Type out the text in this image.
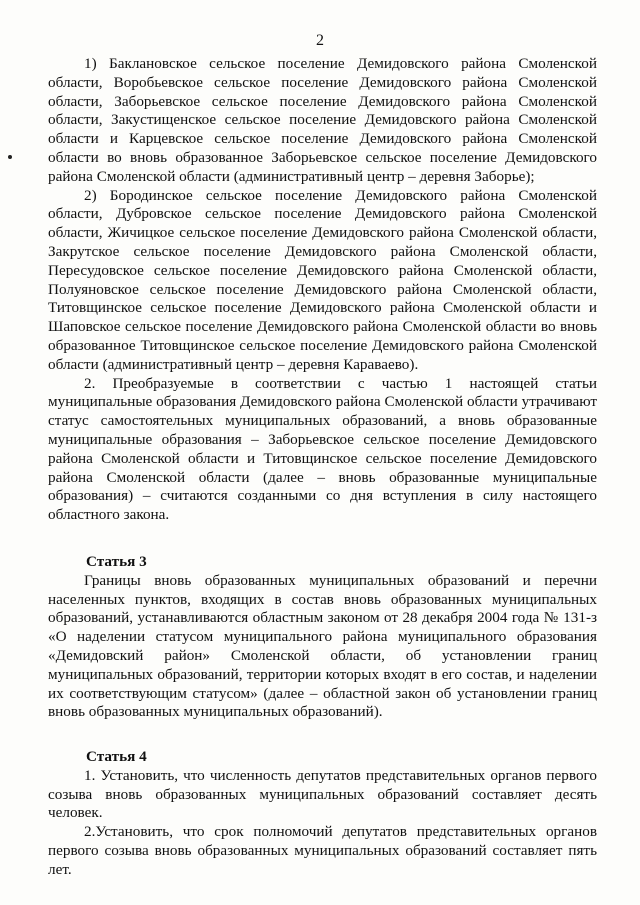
2

1) Баклановское сельское поселение Демидовского района Смоленской области, Воробьевское сельское поселение Демидовского района Смоленской области, Заборьевское сельское поселение Демидовского района Смоленской области, Закустищенское сельское поселение Демидовского района Смоленской области и Карцевское сельское поселение Демидовского района Смоленской области во вновь образованное Заборьевское сельское поселение Демидовского района Смоленской области (административный центр – деревня Заборье);

2) Бородинское сельское поселение Демидовского района Смоленской области, Дубровское сельское поселение Демидовского района Смоленской области, Жичицкое сельское поселение Демидовского района Смоленской области, Закрутское сельское поселение Демидовского района Смоленской области, Пересудовское сельское поселение Демидовского района Смоленской области, Полуяновское сельское поселение Демидовского района Смоленской области, Титовщинское сельское поселение Демидовского района Смоленской области и Шаповское сельское поселение Демидовского района Смоленской области во вновь образованное Титовщинское сельское поселение Демидовского района Смоленской области (административный центр – деревня Караваево).

2. Преобразуемые в соответствии с частью 1 настоящей статьи муниципальные образования Демидовского района Смоленской области утрачивают статус самостоятельных муниципальных образований, а вновь образованные муниципальные образования – Заборьевское сельское поселение Демидовского района Смоленской области и Титовщинское сельское поселение Демидовского района Смоленской области (далее – вновь образованные муниципальные образования) – считаются созданными со дня вступления в силу настоящего областного закона.

Статья 3

Границы вновь образованных муниципальных образований и перечни населенных пунктов, входящих в состав вновь образованных муниципальных образований, устанавливаются областным законом от 28 декабря 2004 года № 131-з «О наделении статусом муниципального района муниципального образования «Демидовский район» Смоленской области, об установлении границ муниципальных образований, территории которых входят в его состав, и наделении их соответствующим статусом» (далее – областной закон об установлении границ вновь образованных муниципальных образований).

Статья 4

1. Установить, что численность депутатов представительных органов первого созыва вновь образованных муниципальных образований составляет десять человек.

2.Установить, что срок полномочий депутатов представительных органов первого созыва вновь образованных муниципальных образований составляет пять лет.
